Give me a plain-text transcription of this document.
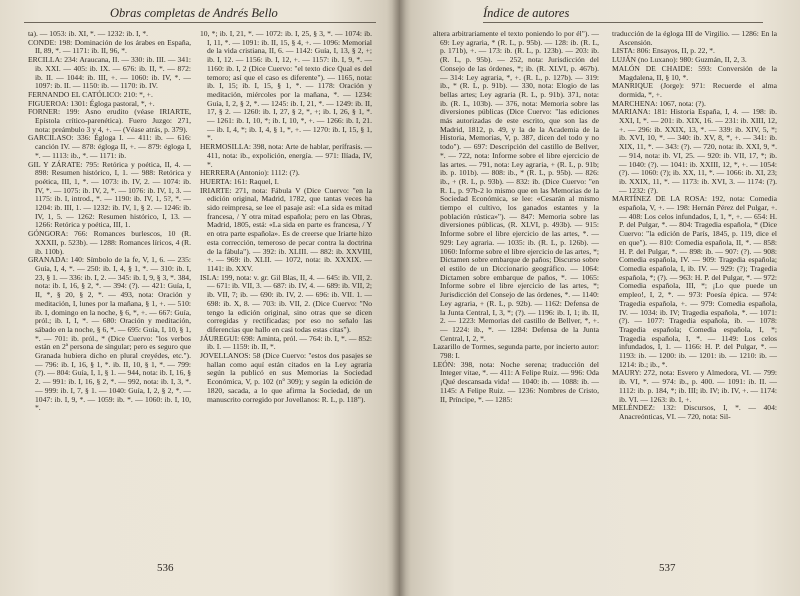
Obras completas de Andrés Bello

ta). — 1053: ib. XI, *. — 1232: ib. I, *.

CONDE: 198: Dominación de los árabes en España, II, 89, *. — 1171: ib. II, 96, *.

ERCILLA: 234: Araucana, II. — 330: ib. III. — 341: ib. XXI. — 405: ib. IX. — 676: ib. II, *. — 872: ib. II. — 1044: ib. III, +. — 1060: ib. IV, *. — 1097: ib. II. — 1150: ib. — 1170: ib. IV.

FERNANDO EL CATÓLICO: 210: *, +.

FIGUEROA: 1301: Égloga pastoral, *, +.

FORNER: 199: Asno erudito (véase IRIARTE, Epístola crítico-parenética). Fuero Juzgo: 271, nota: preámbulo 3 y 4, +. — (Véase atrás, p. 379).

GARCILASO: 336: Égloga I. — 411: ib. — 616: canción IV. — 878: égloga II, +. — 879: égloga I, *. — 1113: ib., *. — 1171: ib.

GIL Y ZÁRATE: 795: Retórica y poética, II, 4. — 898: Resumen histórico, I, 1. — 988: Retórica y poética, III, 1, *. — 1073: ib. IV, 2. — 1074: ib. IV, *. — 1075: ib. IV, 2, *. — 1076: ib. IV, 1, 3. — 1175: ib. I, introd., *. — 1190: ib. IV, 1, 5?, *. — 1204: ib. III, 1. — 1232: ib. IV, 1, § 2. — 1246: ib. IV, 1, 5. — 1262: Resumen histórico, I, 13. — 1266: Retórica y poética, III, 1.

GÓNGORA: 766: Romances burlescos, 10 (R. XXXII, p. 523b). — 1288: Romances líricos, 4 (R. ib. 110b).

GRANADA: 140: Símbolo de la fe, V, 1, 6. — 235: Guía, I, 4, *. — 250: ib. I, 4, § 1, *. — 310: ib. I, 23, § 1. — 336: ib. I, 2. — 345: ib. I, 9, § 3, *. 384, nota: ib. I, 16, § 2, *. — 394: (?). — 421: Guía, I, II, *, § 20, § 2, *. — 493, nota: Oración y meditación, I, lunes por la mañana, § 1, +. — 510: ib. I, domingo en la noche, § 6, *, +. — 667: Guía, pról.; ib. I, I, *. — 680: Oración y meditación, sábado en la noche, § 6, *. — 695: Guía, I, 10, § 1, *. — 701: ib. pról., * (Dice Cuervo: "los verbos están en 2ª persona de singular; pero es seguro que Granada hubiera dicho en plural creyédes, etc."). — 796: ib. I, 16, § 1, *. ib. II, 10, § 1, *. — 799: (?). — 804: Guía, I, 1, § 1. — 944, nota: ib. I, 16, § 2. — 991: ib. I, 16, § 2, *. — 992, nota: ib. I, 3, *. — 999: ib. I, 7, § 1. — 1040: Guía, I, 2, § 2, *. — 1047: ib. I, 9, *. — 1059: ib. *. — 1060: ib. I, 10, *.

10, *; ib. I, 21, *. — 1072: ib. I, 25, § 3, *. — 1074: ib. I, 11, *. — 1091: ib. II, 15, § 4, +. — 1096: Memorial de la vida cristiana, II, 6. — 1142: Guía, I, 13, § 2, +; ib. I, 12. — 1156: ib. I, 12, +. — 1157: ib. I, 9, *. — 1160: ib. I, 2 (Dice Cuervo: "el texto dice Qual es del temoro; así que el caso es diferente"). — 1165, nota: ib. I, 15; ib. I, 15, § 1, *. — 1178: Oración y meditación, miércoles por la mañana, *. — 1234: Guía, I, 2, § 2, *. — 1245: ib. I, 21, *. — 1249: ib. II, 17, § 2. — 1260: ib. I, 27, § 2, *, +; ib. I, 26, § 1, *. — 1261: ib. I, 10, *; ib. I, 10, *, +. — 1266: ib. I, 21. — ib. I, 4, *; ib. I, 4, § 1, *, +. — 1270: ib. I, 15, § 1, *.

HERMOSILLA: 398, nota: Arte de hablar, perífrasis. — 411, nota: ib., expolición, energía. — 971: Ilíada, IV, *.

HERRERA (Antonio): 1112: (?).

HUERTA: 161: Raquel, I.

IRIARTE: 271, nota: Fábula V (Dice Cuervo: "en la edición original, Madrid, 1782, que tantas veces ha sido reimpresa, se lee el pasaje así: «La sida es mitad francesa, / Y otra mitad española; pero en las Obras, Madrid, 1805, está: «La sida en parte es francesa, / Y en otra parte española». Es de creerse que Iriarte hizo esta corrección, temeroso de pecar contra la doctrina de la fábula"). — 392: ib. XLIII. — 882: ib. XXVIII, +. — 969: ib. XLII. — 1072, nota: ib. XXXIX. — 1141: ib. XXV.

ISLA: 199, nota: v. gr. Gil Blas, II, 4. — 645: ib. VII, 2. — 671: ib. VII, 3. — 687: ib. IV, 4. — 689: ib. VII, 2; ib. VII, 7; ib. — 690: ib. IV, 2. — 696: ib. VII. 1. — 698: ib. X, 8. — 703: ib. VII, 2. (Dice Cuervo: "No tengo la edición original, sino otras que se dicen corregidas y rectificadas; por eso no señalo las diferencias que hallo en casi todas estas citas").

JÁUREGUI: 698: Aminta, pról. — 764: ib. I, *. — 852: ib. I. — 1159: ib. II, *.

JOVELLANOS: 58 (Dice Cuervo: "estos dos pasajes se hallan como aquí están citados en la Ley agraria según la publicó en sus Memorias la Sociedad Económica, V, p. 102 (nº 309); y según la edición de 1820, sacada, a lo que afirma la Sociedad, de un manuscrito corregido por Jovellanos: R. L, p. 118").

536
Índice de autores

altera arbitrariamente el texto poniendo lo por él"). — 69: Ley agraria, * (R. L, p. 95b). — 128: ib. (R. L, p. 171b), +. — 173: ib. (R. L, p. 123b). — 203: ib. (R. L, p. 95b). — 252, nota: Jurisdicción del Consejo de las órdenes, *; ib. (R. XLVI, p. 467b). — 314: Ley agraria, *, +. (R. L, p. 127b). — 319: ib., * (R. L, p. 91b). — 330, nota: Elogio de las bellas artes; Ley agraria (R. L, p. 91b). 371, nota: ib. (R. L, 103b). — 376, nota: Memoria sobre las diversiones públicas (Dice Cuervo: "las ediciones más autorizadas de este escrito, que son las de Madrid, 1812, p. 49, y la de la Academia de la Historia, Memorias, V, p. 387, dicen del todo y no todo"). — 697: Descripción del castillo de Bellver, *. — 722, nota: Informe sobre el libre ejercicio de las artes. — 791, nota: Ley agraria, + (R. L, p. 91b; ib. p. 101b). — 808: ib., * (R. L, p. 95b). — 826: ib., + (R. L, p. 93b). — 832: ib. (Dice Cuervo: "en R. L, p. 97b-2 lo mismo que en las Memorias de la Sociedad Económica, se lee: «Cesarán al mismo tiempo el cultivo, los ganados estantes y la población rústica»"). — 847: Memoria sobre las diversiones públicas, (R. XLVI, p. 493b). — 915: Informe sobre el libre ejercicio de las artes, *. — 929: Ley agraria. — 1035: ib. (R. L, p. 126b). — 1060: Informe sobre el libre ejercicio de las artes, *; Dictamen sobre embarque de paños; Discurso sobre el estilo de un Diccionario geográfico. — 1064: Dictamen sobre embarque de paños, *. — 1065: Informe sobre el libre ejercicio de las artes, *; Jurisdicción del Consejo de las órdenes, *. — 1140: Ley agraria, + (R. L, p. 92b). — 1162: Defensa de la Junta Central, I, 3, *; (?). — 1196: ib. I, 1; ib. II, 2. — 1223: Memorias del castillo de Bellver, *, +. — 1224: ib., *. — 1284: Defensa de la Junta Central, I, 2, *.

Lazarillo de Tormes, segunda parte, por incierto autor: 798: I.

LEÓN: 398, nota: Noche serena; traducción del Integer vitae, *. — 411: A Felipe Ruiz. — 996: Oda ¡Qué descansada vida! — 1040: ib. — 1088: ib. — 1145: A Felipe Ruiz. — 1236: Nombres de Cristo, II, Príncipe, *. — 1285:

traducción de la égloga III de Virgilio. — 1286: En la Ascensión.

LISTA: 806: Ensayos, II, p. 22, *.

LUJÁN (no Luxano): 980: Guzmán, II, 2, 3.

MALÓN DE CHAIDE: 593: Conversión de la Magdalena, II, § 10, *.

MANRIQUE (Jorge): 971: Recuerde el alma dormida, *, +.

MARCHENA: 1067, nota: (?).

MARIANA: 181: Historia España, I, 4. — 198: ib. XXI, I, *. — 201: ib. XIX, 16. — 231: ib. XIII, 12, +. — 296: ib. XXIX, 13, *. — 339: ib. XIV, 5, *; ib. XVI, 10, *. — 340: ib. XV, 8, *, +. — 341: ib. XIX, 11, *. — 343: (?). — 720, nota: ib. XXI, 9, *. — 914, nota: ib. VI, 25. — 920: ib. VII, 17, *; ib. — 1040: (?). — 1041: ib. XXIII, 12, *, +. — 1054: (?). — 1060: (?); ib. XX, 11, *. — 1066: ib. XI, 23; ib. XXIX, 11, *. — 1173: ib. XVI, 3. — 1174: (?). — 1232: (?).

MARTÍNEZ DE LA ROSA: 192, nota: Comedia española, V, +. — 198: Hernán Pérez del Pulgar, +. — 408: Los celos infundados, I, 1, *, +. — 654: H. P. del Pulgar, *. — 804: Tragedia española, * (Dice Cuervo: "la edición de París, 1845, p. 119, dice el en que"). — 810: Comedia española, II, *. — 858: H. P. del Pulgar, *. — 898: ib. — 907: (?). — 908: Comedia española, IV. — 909: Tragedia española; Comedia española, I, ib. IV. — 929: (?); Tragedia española, *; (?). — 963: H. P. del Pulgar, *. — 972: Comedia española, III, *; ¡Lo que puede un empleo!, I, 2, *. — 973: Poesía épica. — 974: Tragedia española, +. — 979: Comedia española, IV. — 1034: ib. IV; Tragedia española, *. — 1071: (?). — 1077: Tragedia española, ib. — 1078: Tragedia española; Comedia española, I, *; Tragedia española, I, *. — 1149: Los celos infundados, I, 1. — 1166: H. P. del Pulgar, *. — 1193: ib. — 1200: ib. — 1201: ib. — 1210: ib. — 1214: ib.; ib., *.

MAURY: 272, nota: Esvero y Almedora, VI. — 799: ib. VI, *. — 974: ib., p. 400. — 1091: ib. II. — 1112: ib. p. 184, *; ib. III; ib. IV; ib. IV, +. — 1174: ib. VI. — 1263: ib. I, +.

MELÉNDEZ: 132: Discursos, I, *. — 404: Anacreónticas, VI. — 720, nota: Sil-

537
